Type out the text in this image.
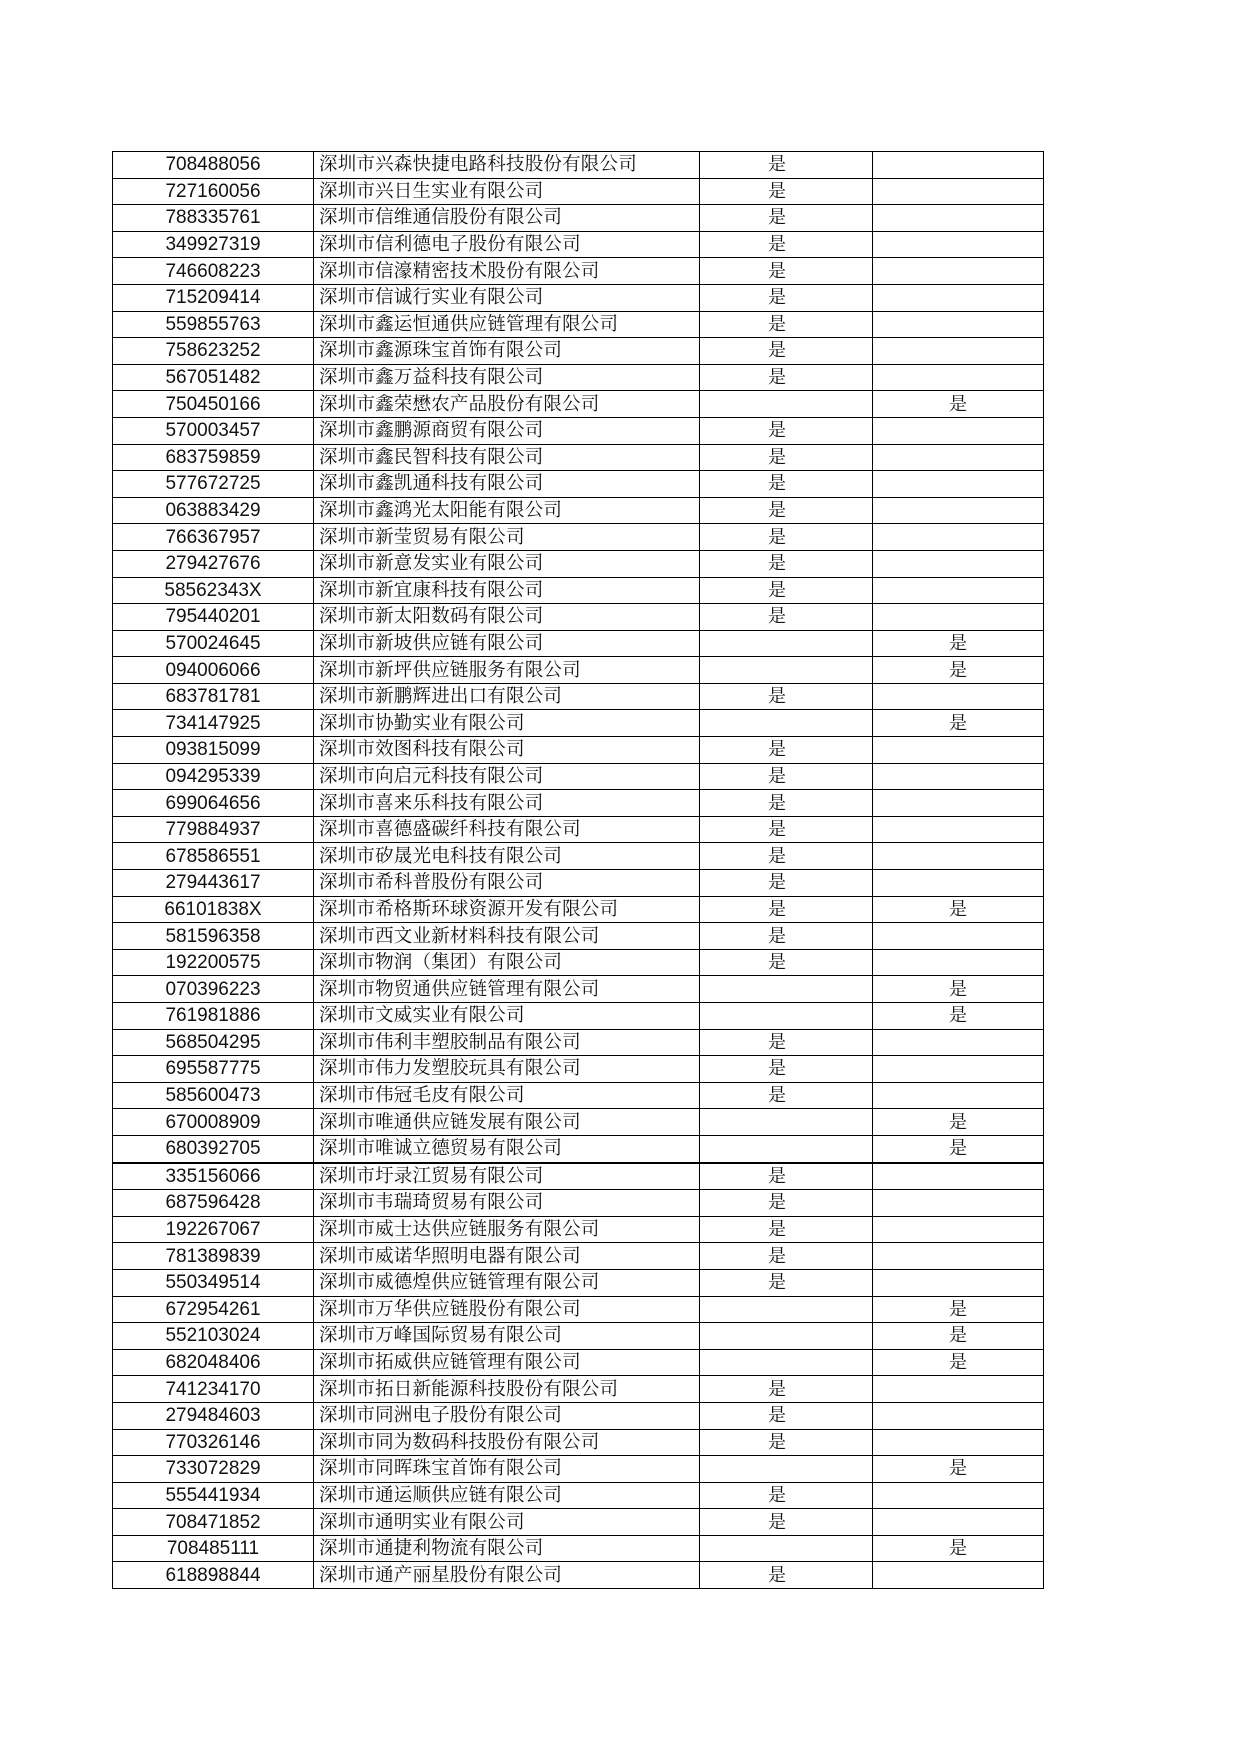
708488056	深圳市兴森快捷电路科技股份有限公司	是	
727160056	深圳市兴日生实业有限公司	是	
788335761	深圳市信维通信股份有限公司	是	
349927319	深圳市信利德电子股份有限公司	是	
746608223	深圳市信濠精密技术股份有限公司	是	
715209414	深圳市信诚行实业有限公司	是	
559855763	深圳市鑫运恒通供应链管理有限公司	是	
758623252	深圳市鑫源珠宝首饰有限公司	是	
567051482	深圳市鑫万益科技有限公司	是	
750450166	深圳市鑫荣懋农产品股份有限公司		是
570003457	深圳市鑫鹏源商贸有限公司	是	
683759859	深圳市鑫民智科技有限公司	是	
577672725	深圳市鑫凯通科技有限公司	是	
063883429	深圳市鑫鸿光太阳能有限公司	是	
766367957	深圳市新莹贸易有限公司	是	
279427676	深圳市新意发实业有限公司	是	
58562343X	深圳市新宜康科技有限公司	是	
795440201	深圳市新太阳数码有限公司	是	
570024645	深圳市新坡供应链有限公司		是
094006066	深圳市新坪供应链服务有限公司		是
683781781	深圳市新鹏辉进出口有限公司	是	
734147925	深圳市协勤实业有限公司		是
093815099	深圳市效图科技有限公司	是	
094295339	深圳市向启元科技有限公司	是	
699064656	深圳市喜来乐科技有限公司	是	
779884937	深圳市喜德盛碳纤科技有限公司	是	
678586551	深圳市矽晟光电科技有限公司	是	
279443617	深圳市希科普股份有限公司	是	
66101838X	深圳市希格斯环球资源开发有限公司	是	是
581596358	深圳市西文业新材料科技有限公司	是	
192200575	深圳市物润（集团）有限公司	是	
070396223	深圳市物贸通供应链管理有限公司		是
761981886	深圳市文威实业有限公司		是
568504295	深圳市伟利丰塑胶制品有限公司	是	
695587775	深圳市伟力发塑胶玩具有限公司	是	
585600473	深圳市伟冠毛皮有限公司	是	
670008909	深圳市唯通供应链发展有限公司		是
680392705	深圳市唯诚立德贸易有限公司		是
335156066	深圳市圩录江贸易有限公司	是	
687596428	深圳市韦瑞琦贸易有限公司	是	
192267067	深圳市威士达供应链服务有限公司	是	
781389839	深圳市威诺华照明电器有限公司	是	
550349514	深圳市威德煌供应链管理有限公司	是	
672954261	深圳市万华供应链股份有限公司		是
552103024	深圳市万峰国际贸易有限公司		是
682048406	深圳市拓威供应链管理有限公司		是
741234170	深圳市拓日新能源科技股份有限公司	是	
279484603	深圳市同洲电子股份有限公司	是	
770326146	深圳市同为数码科技股份有限公司	是	
733072829	深圳市同晖珠宝首饰有限公司		是
555441934	深圳市通运顺供应链有限公司	是	
708471852	深圳市通明实业有限公司	是	
708485111	深圳市通捷利物流有限公司		是
618898844	深圳市通产丽星股份有限公司	是	
